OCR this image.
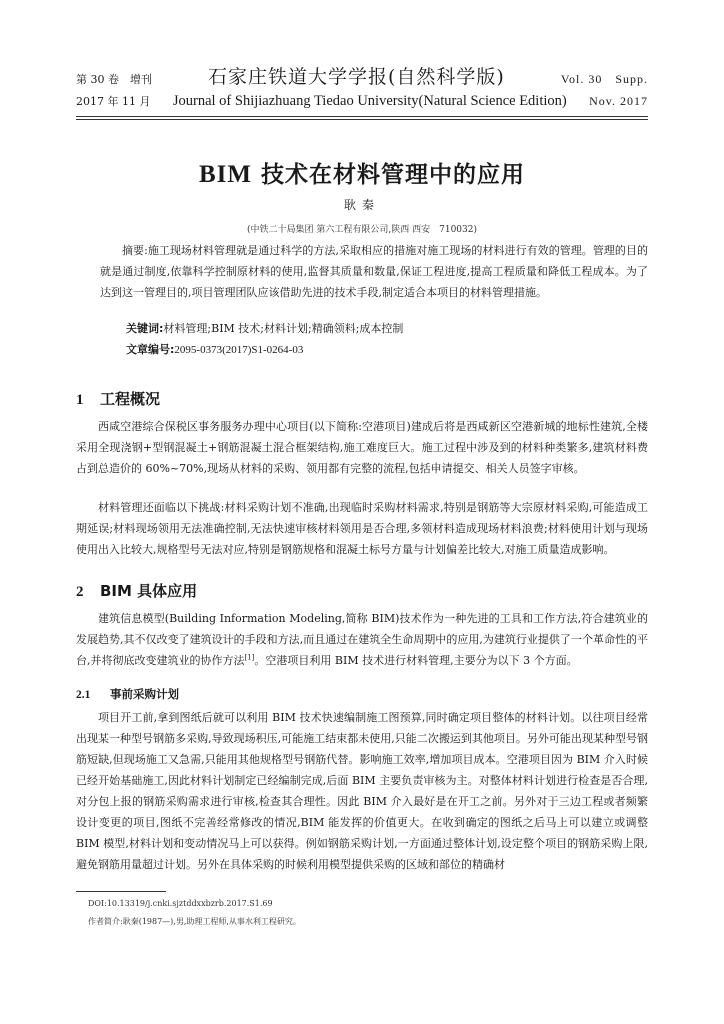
第 30 卷　增刊	石家庄铁道大学学报(自然科学版)	Vol. 30　Supp.
2017 年 11 月 Journal of Shijiazhuang Tiedao University(Natural Science Edition) Nov. 2017
BIM 技术在材料管理中的应用
耿秦
(中铁二十局集团 第六工程有限公司,陕西 西安　710032)

摘要:施工现场材料管理就是通过科学的方法,采取相应的措施对施工现场的材料进行有效的管理。管理的目的就是通过制度,依靠科学控制原材料的使用,监督其质量和数量,保证工程进度,提高工程质量和降低工程成本。为了达到这一管理目的,项目管理团队应该借助先进的技术手段,制定适合本项目的材料管理措施。

关键词:材料管理;BIM 技术;材料计划;精确领料;成本控制
文章编号:2095-0373(2017)S1-0264-03
1 工程概况

西咸空港综合保税区事务服务办理中心项目(以下简称:空港项目)建成后将是西咸新区空港新城的地标性建筑,全楼采用全现浇钢+型钢混凝土+钢筋混凝土混合框架结构,施工难度巨大。施工过程中涉及到的材料种类繁多,建筑材料费占到总造价的 60%~70%,现场从材料的采购、领用都有完整的流程,包括申请提交、相关人员签字审核。

材料管理还面临以下挑战:材料采购计划不准确,出现临时采购材料需求,特别是钢筋等大宗原材料采购,可能造成工期延误;材料现场领用无法准确控制,无法快速审核材料领用是否合理,多领材料造成现场材料浪费;材料使用计划与现场使用出入比较大,规格型号无法对应,特别是钢筋规格和混凝土标号方量与计划偏差比较大,对施工质量造成影响。

2 BIM 具体应用

建筑信息模型(Building Information Modeling,简称 BIM)技术作为一种先进的工具和工作方法,符合建筑业的发展趋势,其不仅改变了建筑设计的手段和方法,而且通过在建筑全生命周期中的应用,为建筑行业提供了一个革命性的平台,并将彻底改变建筑业的协作方法[1]。空港项目利用 BIM 技术进行材料管理,主要分为以下 3 个方面。

2.1 事前采购计划

项目开工前,拿到图纸后就可以利用 BIM 技术快速编制施工图预算,同时确定项目整体的材料计划。以往项目经常出现某一种型号钢筋多采购,导致现场积压,可能施工结束都未使用,只能二次搬运到其他项目。另外可能出现某种型号钢筋短缺,但现场施工又急需,只能用其他规格型号钢筋代替。影响施工效率,增加项目成本。空港项目因为 BIM 介入时候已经开始基础施工,因此材料计划制定已经编制完成,后面 BIM 主要负责审核为主。对整体材料计划进行检查是否合理,对分包上报的钢筋采购需求进行审核,检查其合理性。因此 BIM 介入最好是在开工之前。另外对于三边工程或者频繁设计变更的项目,图纸不完善经常修改的情况,BIM 能发挥的价值更大。在收到确定的图纸之后马上可以建立或调整 BIM 模型,材料计划和变动情况马上可以获得。例如钢筋采购计划,一方面通过整体计划,设定整个项目的钢筋采购上限,避免钢筋用量超过计划。另外在具体采购的时候利用模型提供采购的区域和部位的精确材

DOI:10.13319/j.cnki.sjztddxxbzrb.2017.S1.69
作者简介:耿秦(1987—),男,助理工程师,从事水利工程研究。
